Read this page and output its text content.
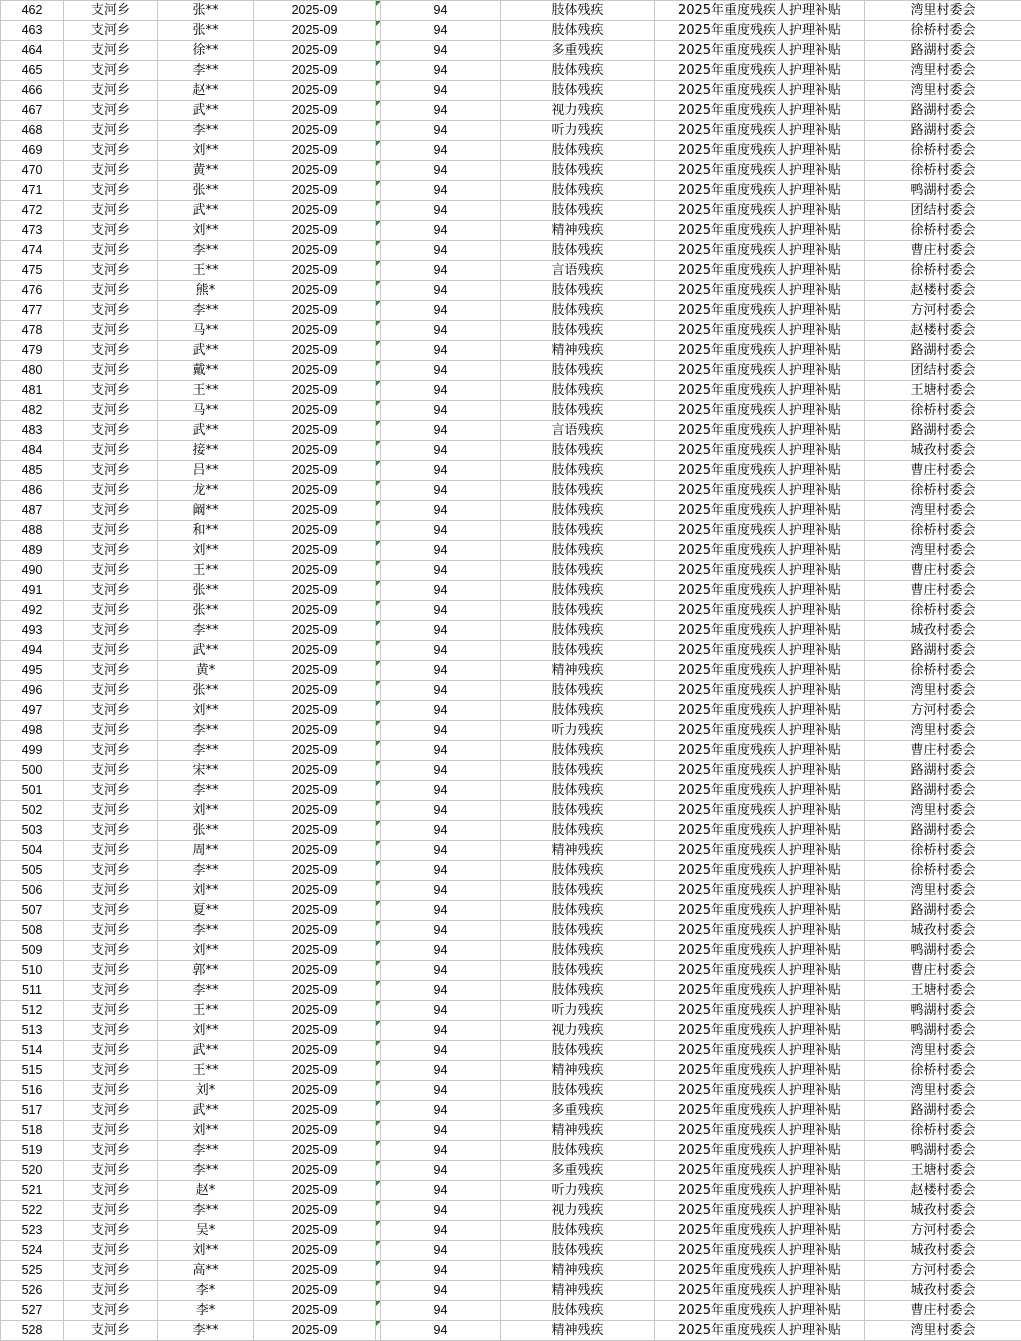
462	支河乡	张**	2025-09		94	肢体残疾	2025年重度残疾人护理补贴	湾里村委会
463	支河乡	张**	2025-09		94	肢体残疾	2025年重度残疾人护理补贴	徐桥村委会
464	支河乡	徐**	2025-09		94	多重残疾	2025年重度残疾人护理补贴	路湖村委会
465	支河乡	李**	2025-09		94	肢体残疾	2025年重度残疾人护理补贴	湾里村委会
466	支河乡	赵**	2025-09		94	肢体残疾	2025年重度残疾人护理补贴	湾里村委会
467	支河乡	武**	2025-09		94	视力残疾	2025年重度残疾人护理补贴	路湖村委会
468	支河乡	李**	2025-09		94	听力残疾	2025年重度残疾人护理补贴	路湖村委会
469	支河乡	刘**	2025-09		94	肢体残疾	2025年重度残疾人护理补贴	徐桥村委会
470	支河乡	黄**	2025-09		94	肢体残疾	2025年重度残疾人护理补贴	徐桥村委会
471	支河乡	张**	2025-09		94	肢体残疾	2025年重度残疾人护理补贴	鸭湖村委会
472	支河乡	武**	2025-09		94	肢体残疾	2025年重度残疾人护理补贴	团结村委会
473	支河乡	刘**	2025-09		94	精神残疾	2025年重度残疾人护理补贴	徐桥村委会
474	支河乡	李**	2025-09		94	肢体残疾	2025年重度残疾人护理补贴	曹庄村委会
475	支河乡	王**	2025-09		94	言语残疾	2025年重度残疾人护理补贴	徐桥村委会
476	支河乡	熊*	2025-09		94	肢体残疾	2025年重度残疾人护理补贴	赵楼村委会
477	支河乡	李**	2025-09		94	肢体残疾	2025年重度残疾人护理补贴	方河村委会
478	支河乡	马**	2025-09		94	肢体残疾	2025年重度残疾人护理补贴	赵楼村委会
479	支河乡	武**	2025-09		94	精神残疾	2025年重度残疾人护理补贴	路湖村委会
480	支河乡	戴**	2025-09		94	肢体残疾	2025年重度残疾人护理补贴	团结村委会
481	支河乡	王**	2025-09		94	肢体残疾	2025年重度残疾人护理补贴	王塘村委会
482	支河乡	马**	2025-09		94	肢体残疾	2025年重度残疾人护理补贴	徐桥村委会
483	支河乡	武**	2025-09		94	言语残疾	2025年重度残疾人护理补贴	路湖村委会
484	支河乡	接**	2025-09		94	肢体残疾	2025年重度残疾人护理补贴	城孜村委会
485	支河乡	吕**	2025-09		94	肢体残疾	2025年重度残疾人护理补贴	曹庄村委会
486	支河乡	龙**	2025-09		94	肢体残疾	2025年重度残疾人护理补贴	徐桥村委会
487	支河乡	阚**	2025-09		94	肢体残疾	2025年重度残疾人护理补贴	湾里村委会
488	支河乡	和**	2025-09		94	肢体残疾	2025年重度残疾人护理补贴	徐桥村委会
489	支河乡	刘**	2025-09		94	肢体残疾	2025年重度残疾人护理补贴	湾里村委会
490	支河乡	王**	2025-09		94	肢体残疾	2025年重度残疾人护理补贴	曹庄村委会
491	支河乡	张**	2025-09		94	肢体残疾	2025年重度残疾人护理补贴	曹庄村委会
492	支河乡	张**	2025-09		94	肢体残疾	2025年重度残疾人护理补贴	徐桥村委会
493	支河乡	李**	2025-09		94	肢体残疾	2025年重度残疾人护理补贴	城孜村委会
494	支河乡	武**	2025-09		94	肢体残疾	2025年重度残疾人护理补贴	路湖村委会
495	支河乡	黄*	2025-09		94	精神残疾	2025年重度残疾人护理补贴	徐桥村委会
496	支河乡	张**	2025-09		94	肢体残疾	2025年重度残疾人护理补贴	湾里村委会
497	支河乡	刘**	2025-09		94	肢体残疾	2025年重度残疾人护理补贴	方河村委会
498	支河乡	李**	2025-09		94	听力残疾	2025年重度残疾人护理补贴	湾里村委会
499	支河乡	李**	2025-09		94	肢体残疾	2025年重度残疾人护理补贴	曹庄村委会
500	支河乡	宋**	2025-09		94	肢体残疾	2025年重度残疾人护理补贴	路湖村委会
501	支河乡	李**	2025-09		94	肢体残疾	2025年重度残疾人护理补贴	路湖村委会
502	支河乡	刘**	2025-09		94	肢体残疾	2025年重度残疾人护理补贴	湾里村委会
503	支河乡	张**	2025-09		94	肢体残疾	2025年重度残疾人护理补贴	路湖村委会
504	支河乡	周**	2025-09		94	精神残疾	2025年重度残疾人护理补贴	徐桥村委会
505	支河乡	李**	2025-09		94	肢体残疾	2025年重度残疾人护理补贴	徐桥村委会
506	支河乡	刘**	2025-09		94	肢体残疾	2025年重度残疾人护理补贴	湾里村委会
507	支河乡	夏**	2025-09		94	肢体残疾	2025年重度残疾人护理补贴	路湖村委会
508	支河乡	李**	2025-09		94	肢体残疾	2025年重度残疾人护理补贴	城孜村委会
509	支河乡	刘**	2025-09		94	肢体残疾	2025年重度残疾人护理补贴	鸭湖村委会
510	支河乡	郭**	2025-09		94	肢体残疾	2025年重度残疾人护理补贴	曹庄村委会
511	支河乡	李**	2025-09		94	肢体残疾	2025年重度残疾人护理补贴	王塘村委会
512	支河乡	王**	2025-09		94	听力残疾	2025年重度残疾人护理补贴	鸭湖村委会
513	支河乡	刘**	2025-09		94	视力残疾	2025年重度残疾人护理补贴	鸭湖村委会
514	支河乡	武**	2025-09		94	肢体残疾	2025年重度残疾人护理补贴	湾里村委会
515	支河乡	王**	2025-09		94	精神残疾	2025年重度残疾人护理补贴	徐桥村委会
516	支河乡	刘*	2025-09		94	肢体残疾	2025年重度残疾人护理补贴	湾里村委会
517	支河乡	武**	2025-09		94	多重残疾	2025年重度残疾人护理补贴	路湖村委会
518	支河乡	刘**	2025-09		94	精神残疾	2025年重度残疾人护理补贴	徐桥村委会
519	支河乡	李**	2025-09		94	肢体残疾	2025年重度残疾人护理补贴	鸭湖村委会
520	支河乡	李**	2025-09		94	多重残疾	2025年重度残疾人护理补贴	王塘村委会
521	支河乡	赵*	2025-09		94	听力残疾	2025年重度残疾人护理补贴	赵楼村委会
522	支河乡	李**	2025-09		94	视力残疾	2025年重度残疾人护理补贴	城孜村委会
523	支河乡	吴*	2025-09		94	肢体残疾	2025年重度残疾人护理补贴	方河村委会
524	支河乡	刘**	2025-09		94	肢体残疾	2025年重度残疾人护理补贴	城孜村委会
525	支河乡	高**	2025-09		94	精神残疾	2025年重度残疾人护理补贴	方河村委会
526	支河乡	李*	2025-09		94	精神残疾	2025年重度残疾人护理补贴	城孜村委会
527	支河乡	李*	2025-09		94	肢体残疾	2025年重度残疾人护理补贴	曹庄村委会
528	支河乡	李**	2025-09		94	精神残疾	2025年重度残疾人护理补贴	湾里村委会
